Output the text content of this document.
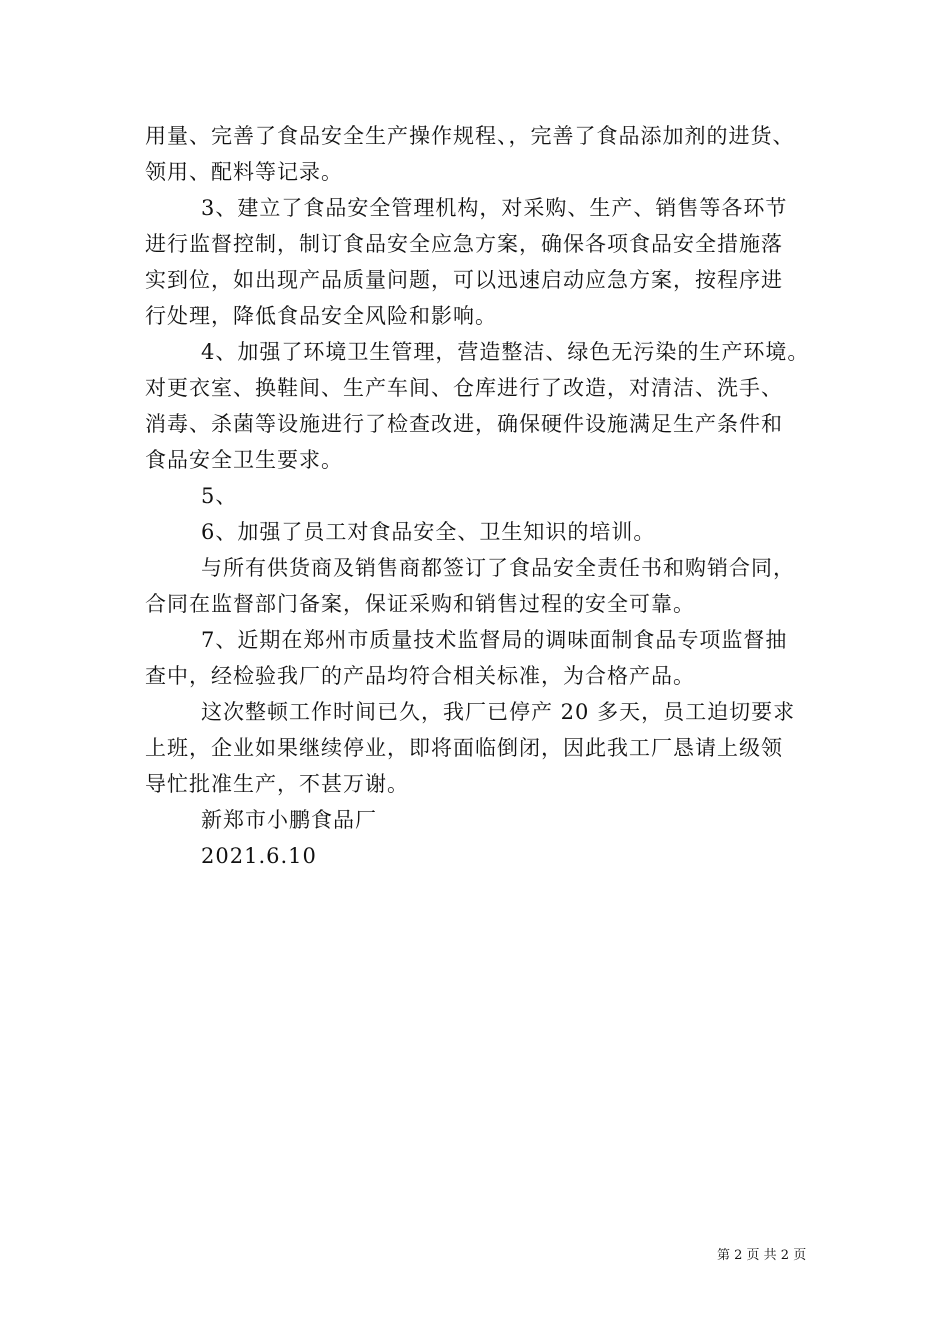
用量、完善了食品安全生产操作规程、，完善了食品添加剂的进货、
领用、配料等记录。
3、建立了食品安全管理机构，对采购、生产、销售等各环节
进行监督控制，制订食品安全应急方案，确保各项食品安全措施落
实到位，如出现产品质量问题，可以迅速启动应急方案，按程序进
行处理，降低食品安全风险和影响。
4、加强了环境卫生管理，营造整洁、绿色无污染的生产环境。
对更衣室、换鞋间、生产车间、仓库进行了改造，对清洁、洗手、
消毒、杀菌等设施进行了检查改进，确保硬件设施满足生产条件和
食品安全卫生要求。
5、
6、加强了员工对食品安全、卫生知识的培训。
与所有供货商及销售商都签订了食品安全责任书和购销合同，
合同在监督部门备案，保证采购和销售过程的安全可靠。
7、近期在郑州市质量技术监督局的调味面制食品专项监督抽
查中，经检验我厂的产品均符合相关标准，为合格产品。
这次整顿工作时间已久，我厂已停产 20 多天，员工迫切要求
上班，企业如果继续停业，即将面临倒闭，因此我工厂恳请上级领
导忙批准生产，不甚万谢。
新郑市小鹏食品厂
2021.6.10
第 2 页 共 2 页
